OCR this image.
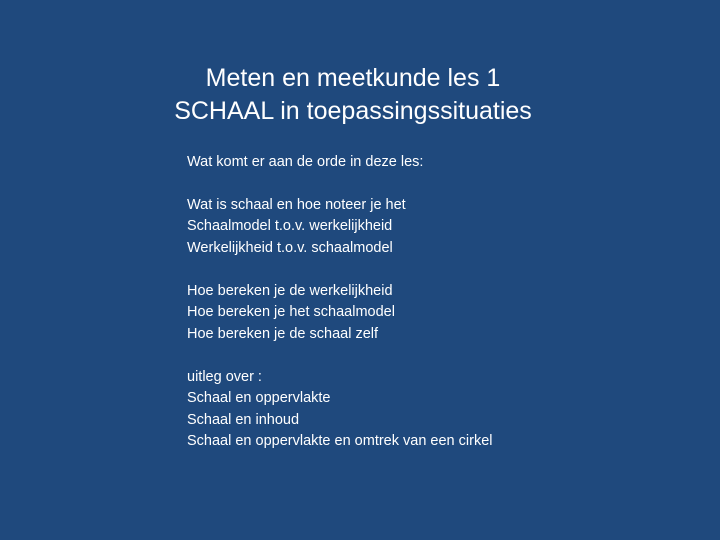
Meten en meetkunde les 1
SCHAAL in toepassingssituaties
Wat komt er aan de orde in deze les:
Wat is schaal en hoe noteer je het
Schaalmodel t.o.v. werkelijkheid
Werkelijkheid t.o.v. schaalmodel
Hoe bereken je de werkelijkheid
Hoe bereken je het schaalmodel
Hoe bereken je de schaal zelf
uitleg over :
Schaal en oppervlakte
Schaal en inhoud
Schaal en oppervlakte en omtrek van een cirkel
